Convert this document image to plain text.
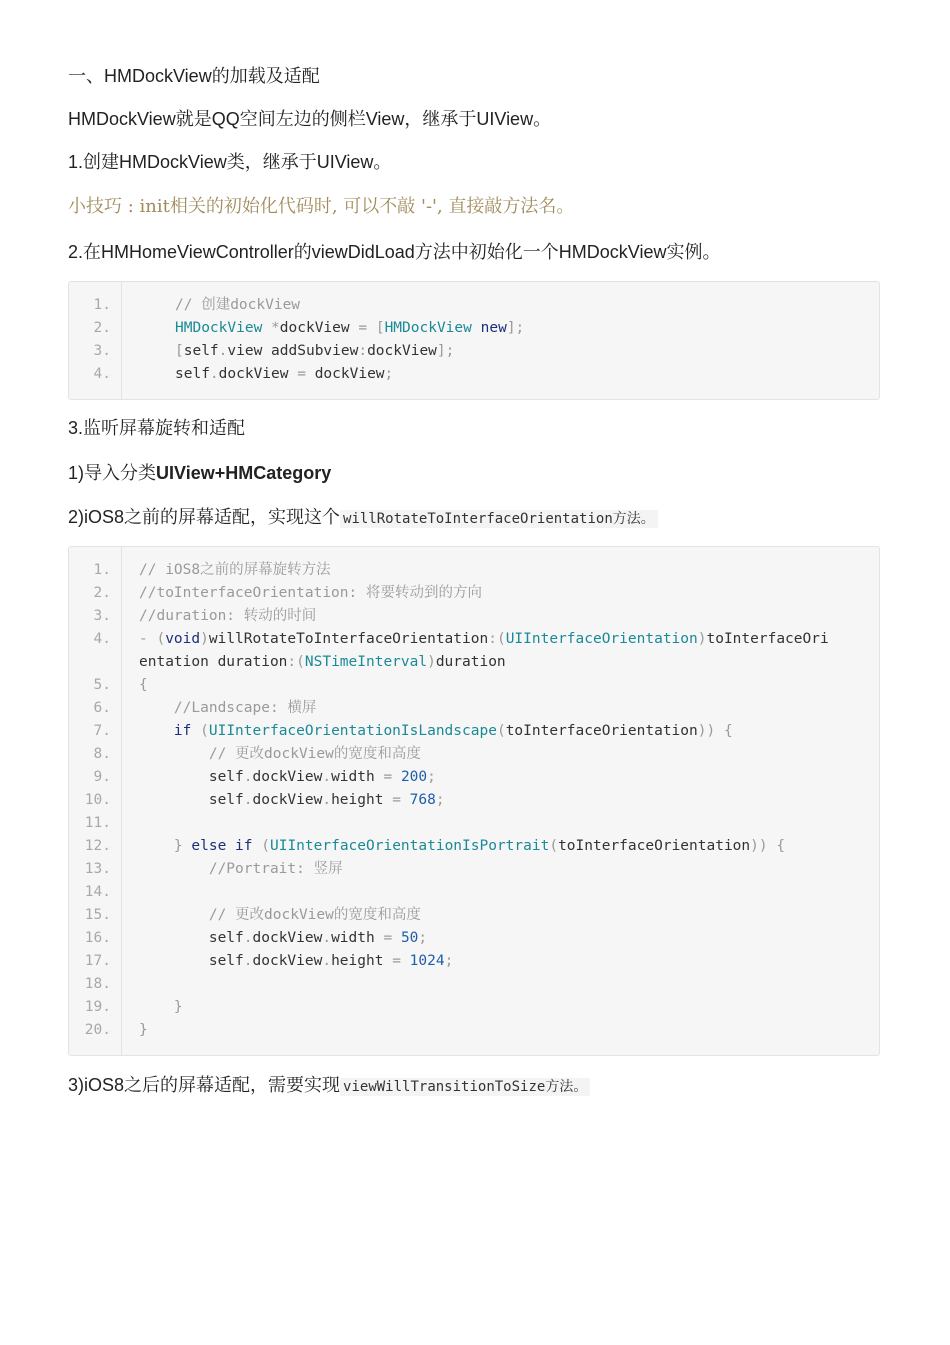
一、HMDockView的加载及适配
HMDockView就是QQ空间左边的侧栏View，继承于UIView。
1.创建HMDockView类，继承于UIView。
小技巧 : init相关的初始化代码时, 可以不敲 '-', 直接敲方法名。
2.在HMHomeViewController的viewDidLoad方法中初始化一个HMDockView实例。
1.	// 创建dockView
2.	HMDockView *dockView = [HMDockView new];
3.	[self.view addSubview:dockView];
4.	self.dockView = dockView;
3.监听屏幕旋转和适配
1)导入分类UIView+HMCategory
2)iOS8之前的屏幕适配，实现这个 willRotateToInterfaceOrientation方法。
1. // iOS8之前的屏幕旋转方法
2. //toInterfaceOrientation: 将要转动到的方向
3. //duration: 转动的时间
4. - (void)willRotateToInterfaceOrientation:(UIInterfaceOrientation)toInterfaceOri
entation duration:(NSTimeInterval)duration
5. {
6. //Landscape: 横屏
7.	if (UIInterfaceOrientationIsLandscape(toInterfaceOrientation)) {
8. // 更改dockView的宽度和高度
9. self.dockView.width = 200;
10. self.dockView.height = 768;
11.
12.	} else if (UIInterfaceOrientationIsPortrait(toInterfaceOrientation)) {
13. //Portrait: 竖屏
14.
15. // 更改dockView的宽度和高度
16. self.dockView.width = 50;
17. self.dockView.height = 1024;
18.
19. }
20. }
3)iOS8之后的屏幕适配，需要实现 viewWillTransitionToSize方法。
